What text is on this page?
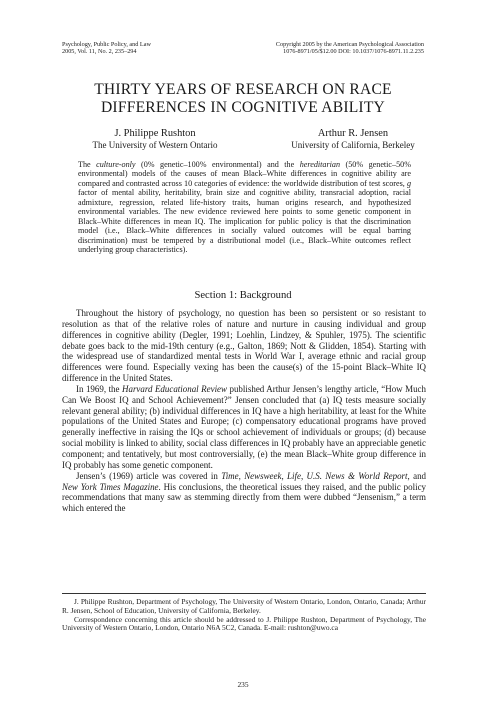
Psychology, Public Policy, and Law
2005, Vol. 11, No. 2, 235–294
Copyright 2005 by the American Psychological Association
1076-8971/05/$12.00 DOI: 10.1037/1076-8971.11.2.235
THIRTY YEARS OF RESEARCH ON RACE
DIFFERENCES IN COGNITIVE ABILITY
J. Philippe Rushton
The University of Western Ontario
Arthur R. Jensen
University of California, Berkeley
The culture-only (0% genetic–100% environmental) and the hereditarian (50% genetic–50% environmental) models of the causes of mean Black–White differences in cognitive ability are compared and contrasted across 10 categories of evidence: the worldwide distribution of test scores, g factor of mental ability, heritability, brain size and cognitive ability, transracial adoption, racial admixture, regression, related life-history traits, human origins research, and hypothesized environmental variables. The new evidence reviewed here points to some genetic component in Black–White differences in mean IQ. The implication for public policy is that the discrimination model (i.e., Black–White differences in socially valued outcomes will be equal barring discrimination) must be tempered by a distributional model (i.e., Black–White outcomes reflect underlying group characteristics).
Section 1: Background

Throughout the history of psychology, no question has been so persistent or so resistant to resolution as that of the relative roles of nature and nurture in causing individual and group differences in cognitive ability (Degler, 1991; Loehlin, Lindzey, & Spuhler, 1975). The scientific debate goes back to the mid-19th century (e.g., Galton, 1869; Nott & Glidden, 1854). Starting with the widespread use of standardized mental tests in World War I, average ethnic and racial group differences were found. Especially vexing has been the cause(s) of the 15-point Black–White IQ difference in the United States.

In 1969, the Harvard Educational Review published Arthur Jensen’s lengthy article, “How Much Can We Boost IQ and School Achievement?” Jensen concluded that (a) IQ tests measure socially relevant general ability; (b) individual differences in IQ have a high heritability, at least for the White populations of the United States and Europe; (c) compensatory educational programs have proved generally ineffective in raising the IQs or school achievement of individuals or groups; (d) because social mobility is linked to ability, social class differences in IQ probably have an appreciable genetic component; and tentatively, but most controversially, (e) the mean Black–White group difference in IQ probably has some genetic component.

Jensen’s (1969) article was covered in Time, Newsweek, Life, U.S. News & World Report, and New York Times Magazine. His conclusions, the theoretical issues they raised, and the public policy recommendations that many saw as stemming directly from them were dubbed “Jensenism,” a term which entered the

J. Philippe Rushton, Department of Psychology, The University of Western Ontario, London, Ontario, Canada; Arthur R. Jensen, School of Education, University of California, Berkeley.

Correspondence concerning this article should be addressed to J. Philippe Rushton, Department of Psychology, The University of Western Ontario, London, Ontario N6A 5C2, Canada. E-mail: rushton@uwo.ca

235
